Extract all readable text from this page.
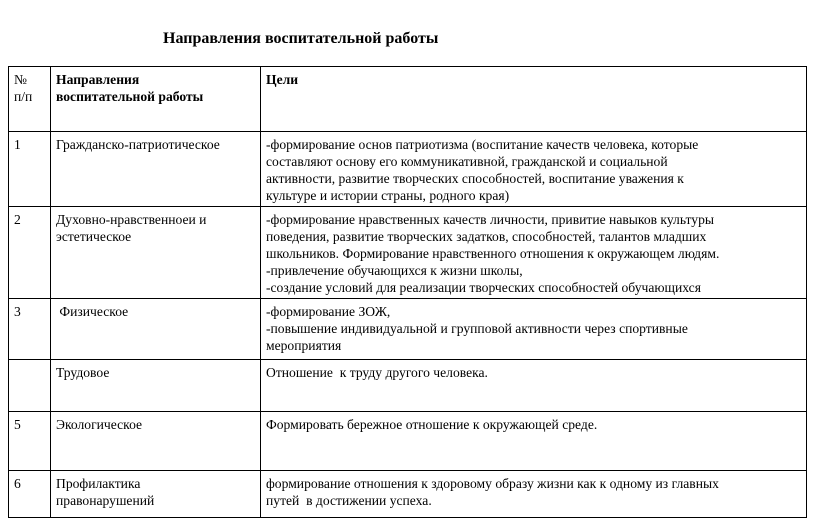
Направления воспитательной работы
№
п/п	Направления
воспитательной работы	Цели

1	Гражданско-патриотическое	-формирование основ патриотизма (воспитание качеств человека, которые
составляют основу его коммуникативной, гражданской и социальной
активности, развитие творческих способностей, воспитание уважения к
культуре и истории страны, родного края)

2	Духовно-нравственноеи и
эстетическое	-формирование нравственных качеств личности, привитие навыков культуры
поведения, развитие творческих задатков, способностей, талантов младших
школьников. Формирование нравственного отношения к окружающем людям.
-привлечение обучающихся к жизни школы,
-создание условий для реализации творческих способностей обучающихся

3	Физическое	-формирование ЗОЖ,
-повышение индивидуальной и групповой активности через спортивные
мероприятия

	Трудовое	Отношение  к труду другого человека.

5	Экологическое	Формировать бережное отношение к окружающей среде.

6	Профилактика
правонарушений	формирование отношения к здоровому образу жизни как к одному из главных
путей  в достижении успеха.
